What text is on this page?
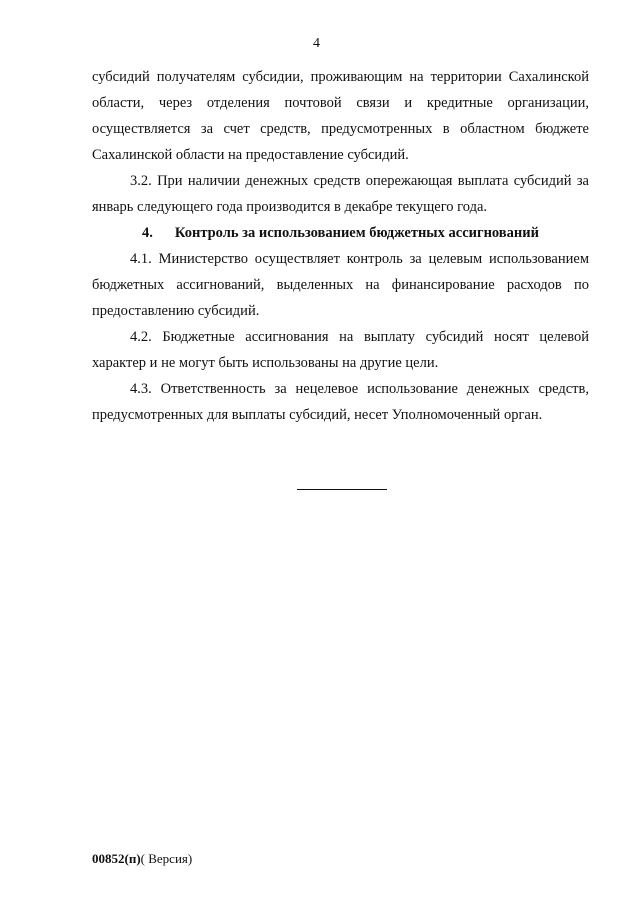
4

субсидий получателям субсидии, проживающим на территории Сахалинской области, через отделения почтовой связи и кредитные организации, осуществляется за счет средств, предусмотренных в областном бюджете Сахалинской области на предоставление субсидий.

3.2. При наличии денежных средств опережающая выплата субсидий за январь следующего года производится в декабре текущего года.

4. Контроль за использованием бюджетных ассигнований

4.1. Министерство осуществляет контроль за целевым использованием бюджетных ассигнований, выделенных на финансирование расходов по предоставлению субсидий.

4.2. Бюджетные ассигнования на выплату субсидий носят целевой характер и не могут быть использованы на другие цели.

4.3. Ответственность за нецелевое использование денежных средств, предусмотренных для выплаты субсидий, несет Уполномоченный орган.

00852(п)( Версия)
